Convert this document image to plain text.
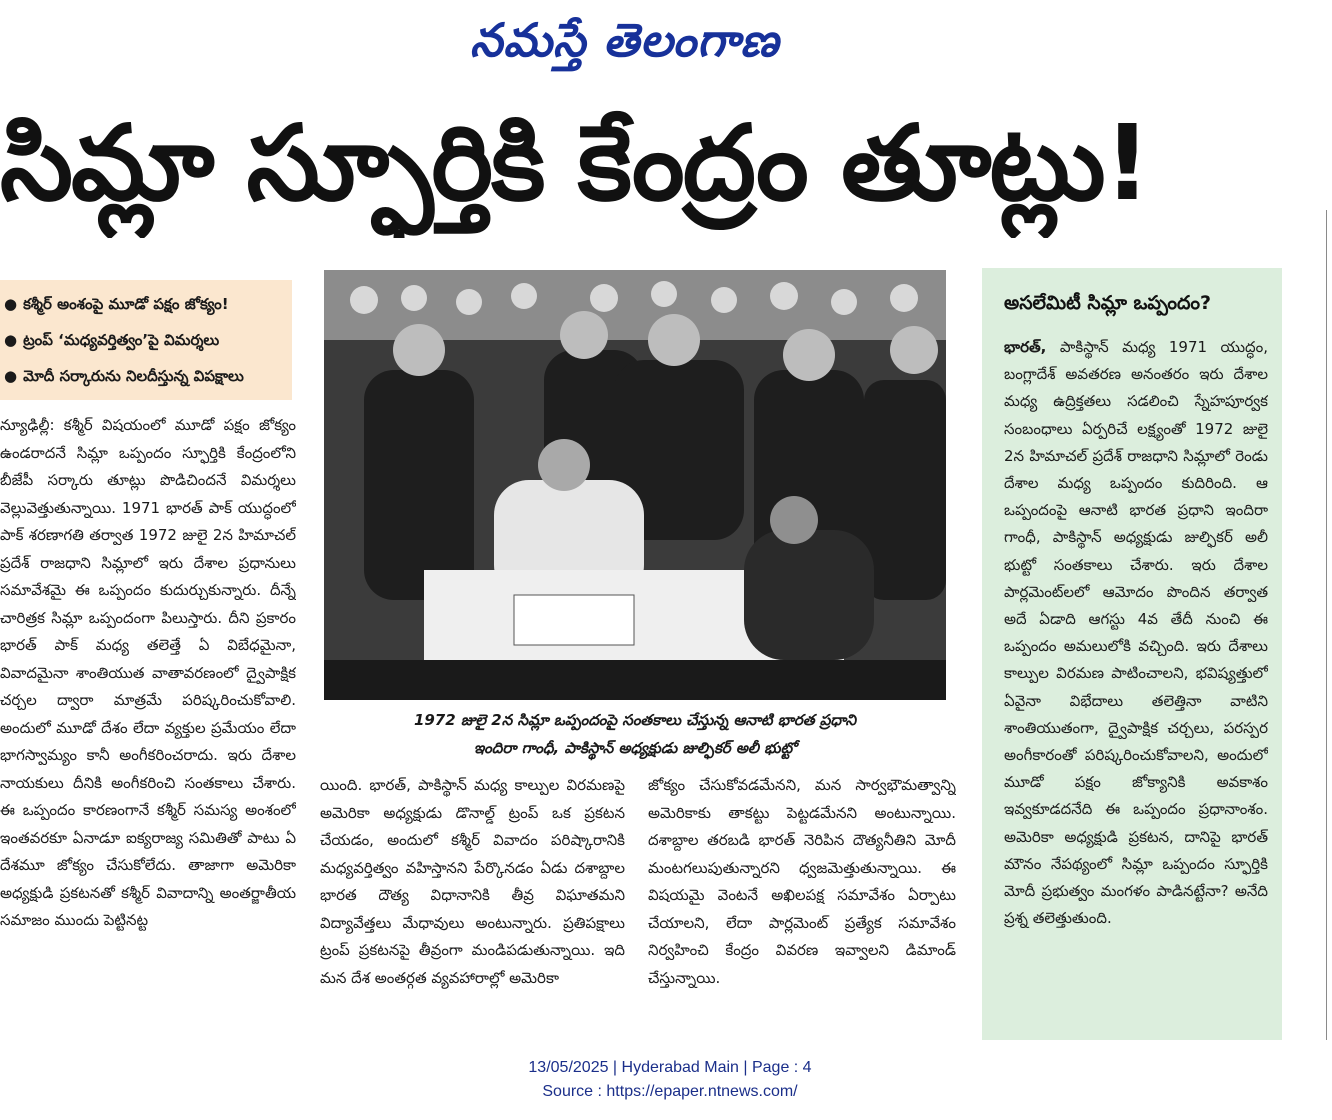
నమస్తే తెలంగాణ
సిమ్లా స్ఫూర్తికి కేంద్రం తూట్లు!
● కశ్మీర్ అంశంపై మూడో పక్షం జోక్యం!
● ట్రంప్ ‘మధ్యవర్తిత్వం’పై విమర్శలు
● మోదీ సర్కారును నిలదీస్తున్న విపక్షాలు

న్యూఢిల్లీ: కశ్మీర్ విషయంలో మూడో పక్షం జోక్యం ఉండరాదనే సిమ్లా ఒప్పందం స్ఫూర్తికి కేంద్రంలోని బీజేపీ సర్కారు తూట్లు పొడిచిందనే విమర్శలు వెల్లువెత్తుతున్నాయి. 1971 భారత్ పాక్ యుద్ధంలో పాక్ శరణాగతి తర్వాత 1972 జులై 2న హిమాచల్ ప్రదేశ్ రాజధాని సిమ్లాలో ఇరు దేశాల ప్రధానులు సమావేశమై ఈ ఒప్పందం కుదుర్చుకున్నారు. దీన్నే చారిత్రక సిమ్లా ఒప్పందంగా పిలుస్తారు. దీని ప్రకారం భారత్ పాక్ మధ్య తలెత్తే ఏ విబేధమైనా, వివాదమైనా శాంతియుత వాతావరణంలో ద్వైపాక్షిక చర్చల ద్వారా మాత్రమే పరిష్కరించుకోవాలి. అందులో మూడో దేశం లేదా వ్యక్తుల ప్రమేయం లేదా భాగస్వామ్యం కానీ అంగీకరించరాదు. ఇరు దేశాల నాయకులు దీనికి అంగీకరించి సంతకాలు చేశారు. ఈ ఒప్పందం కారణంగానే కశ్మీర్ సమస్య అంశంలో ఇంతవరకూ ఏనాడూ ఐక్యరాజ్య సమితితో పాటు ఏ దేశమూ జోక్యం చేసుకోలేదు. తాజాగా అమెరికా అధ్యక్షుడి ప్రకటనతో కశ్మీర్ వివాదాన్ని అంతర్జాతీయ సమాజం ముందు పెట్టినట్ట

1972 జులై 2న సిమ్లా ఒప్పందంపై సంతకాలు చేస్తున్న ఆనాటి భారత ప్రధాని
ఇందిరా గాంధీ, పాకిస్థాన్ అధ్యక్షుడు జుల్ఫికర్ అలీ భుట్టో

యింది. భారత్, పాకిస్థాన్ మధ్య కాల్పుల విరమణపై అమెరికా అధ్యక్షుడు డొనాల్డ్ ట్రంప్ ఒక ప్రకటన చేయడం, అందులో కశ్మీర్ వివాదం పరిష్కారానికి మధ్యవర్తిత్వం వహిస్తానని పేర్కొనడం ఏడు దశాబ్దాల భారత దౌత్య విధానానికి తీవ్ర విఘాతమని విద్యావేత్తలు మేధావులు అంటున్నారు. ప్రతిపక్షాలు ట్రంప్ ప్రకటనపై తీవ్రంగా మండిపడుతున్నాయి. ఇది మన దేశ అంతర్గత వ్యవహారాల్లో అమెరికా

జోక్యం చేసుకోవడమేనని, మన సార్వభౌమత్వాన్ని అమెరికాకు తాకట్టు పెట్టడమేనని అంటున్నాయి. దశాబ్దాల తరబడి భారత్ నెరిపిన దౌత్యనీతిని మోదీ మంటగలుపుతున్నారని ధ్వజమెత్తుతున్నాయి. ఈ విషయమై వెంటనే అఖిలపక్ష సమావేశం ఏర్పాటు చేయాలని, లేదా పార్లమెంట్ ప్రత్యేక సమావేశం నిర్వహించి కేంద్రం వివరణ ఇవ్వాలని డిమాండ్ చేస్తున్నాయి.

అసలేమిటీ సిమ్లా ఒప్పందం?
భారత్, పాకిస్థాన్ మధ్య 1971 యుద్ధం, బంగ్లాదేశ్ అవతరణ అనంతరం ఇరు దేశాల మధ్య ఉద్రిక్తతలు సడలించి స్నేహపూర్వక సంబంధాలు ఏర్పరిచే లక్ష్యంతో 1972 జులై 2న హిమాచల్ ప్రదేశ్ రాజధాని సిమ్లాలో రెండు దేశాల మధ్య ఒప్పందం కుదిరింది. ఆ ఒప్పందంపై ఆనాటి భారత ప్రధాని ఇందిరా గాంధీ, పాకిస్థాన్ అధ్యక్షుడు జుల్ఫికర్ అలీ భుట్టో సంతకాలు చేశారు. ఇరు దేశాల పార్లమెంట్‌లలో ఆమోదం పొందిన తర్వాత అదే ఏడాది ఆగస్టు 4వ తేదీ నుంచి ఈ ఒప్పందం అమలులోకి వచ్చింది. ఇరు దేశాలు కాల్పుల విరమణ పాటించాలని, భవిష్యత్తులో ఏవైనా విభేదాలు తలెత్తినా వాటిని శాంతియుతంగా, ద్వైపాక్షిక చర్చలు, పరస్పర అంగీకారంతో పరిష్కరించుకోవాలని, అందులో మూడో పక్షం జోక్యానికి అవకాశం ఇవ్వకూడదనేది ఈ ఒప్పందం ప్రధానాంశం. అమెరికా అధ్యక్షుడి ప్రకటన, దానిపై భారత్ మౌనం నేపథ్యంలో సిమ్లా ఒప్పందం స్ఫూర్తికి మోదీ ప్రభుత్వం మంగళం పాడినట్టేనా? అనేది ప్రశ్న తలెత్తుతుంది.
13/05/2025 | Hyderabad Main | Page : 4
Source : https://epaper.ntnews.com/
